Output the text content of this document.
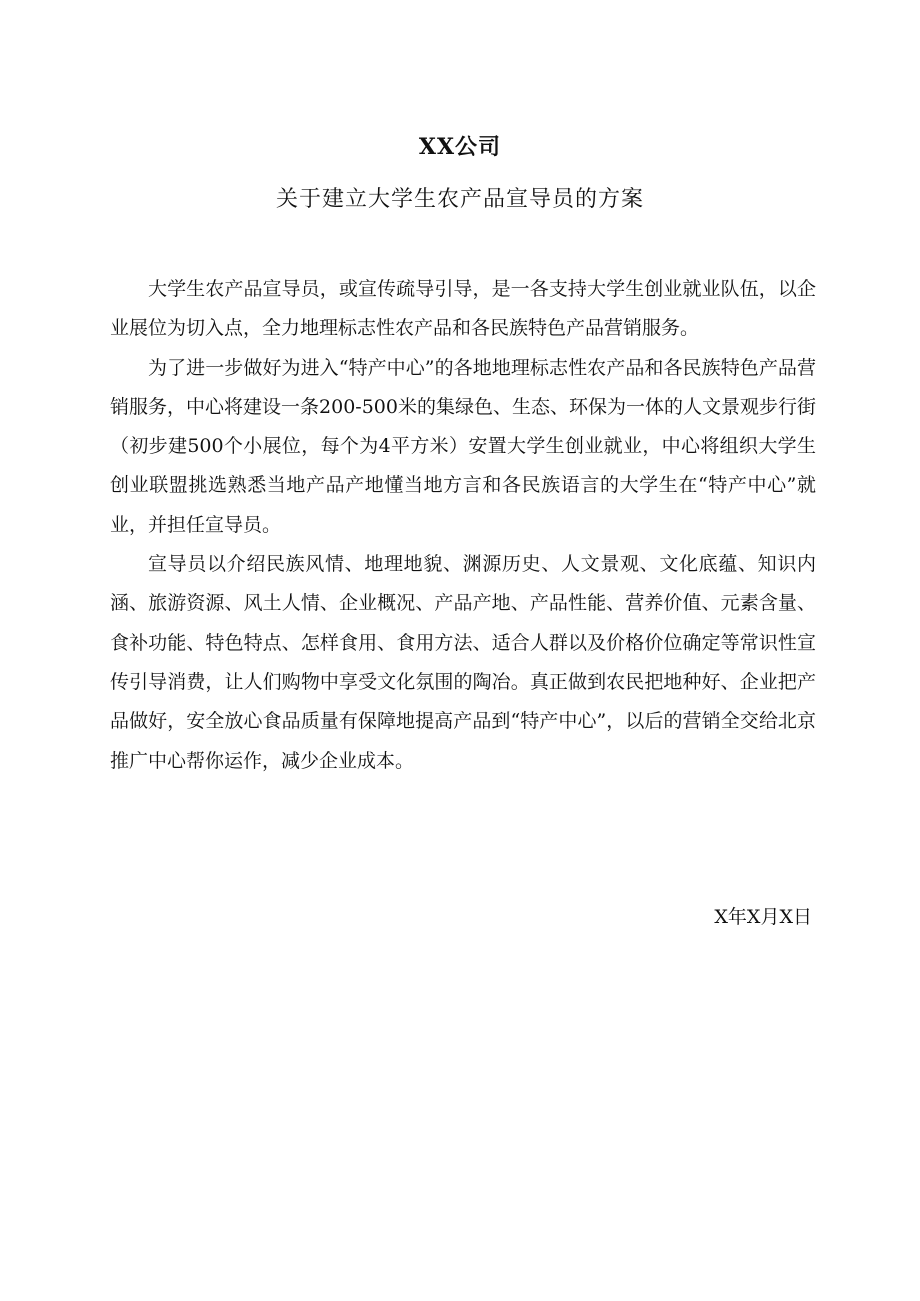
XX公司
关于建立大学生农产品宣导员的方案

大学生农产品宣导员，或宣传疏导引导，是一各支持大学生创业就业队伍，以企业展位为切入点，全力地理标志性农产品和各民族特色产品营销服务。

为了进一步做好为进入“特产中心”的各地地理标志性农产品和各民族特色产品营销服务，中心将建设一条200-500米的集绿色、生态、环保为一体的人文景观步行街（初步建500个小展位，每个为4平方米）安置大学生创业就业，中心将组织大学生创业联盟挑选熟悉当地产品产地懂当地方言和各民族语言的大学生在“特产中心”就业，并担任宣导员。

宣导员以介绍民族风情、地理地貌、渊源历史、人文景观、文化底蕴、知识内涵、旅游资源、风土人情、企业概况、产品产地、产品性能、营养价值、元素含量、食补功能、特色特点、怎样食用、食用方法、适合人群以及价格价位确定等常识性宣传引导消费，让人们购物中享受文化氛围的陶冶。真正做到农民把地种好、企业把产品做好，安全放心食品质量有保障地提高产品到“特产中心”，以后的营销全交给北京推广中心帮你运作，减少企业成本。

X年X月X日
